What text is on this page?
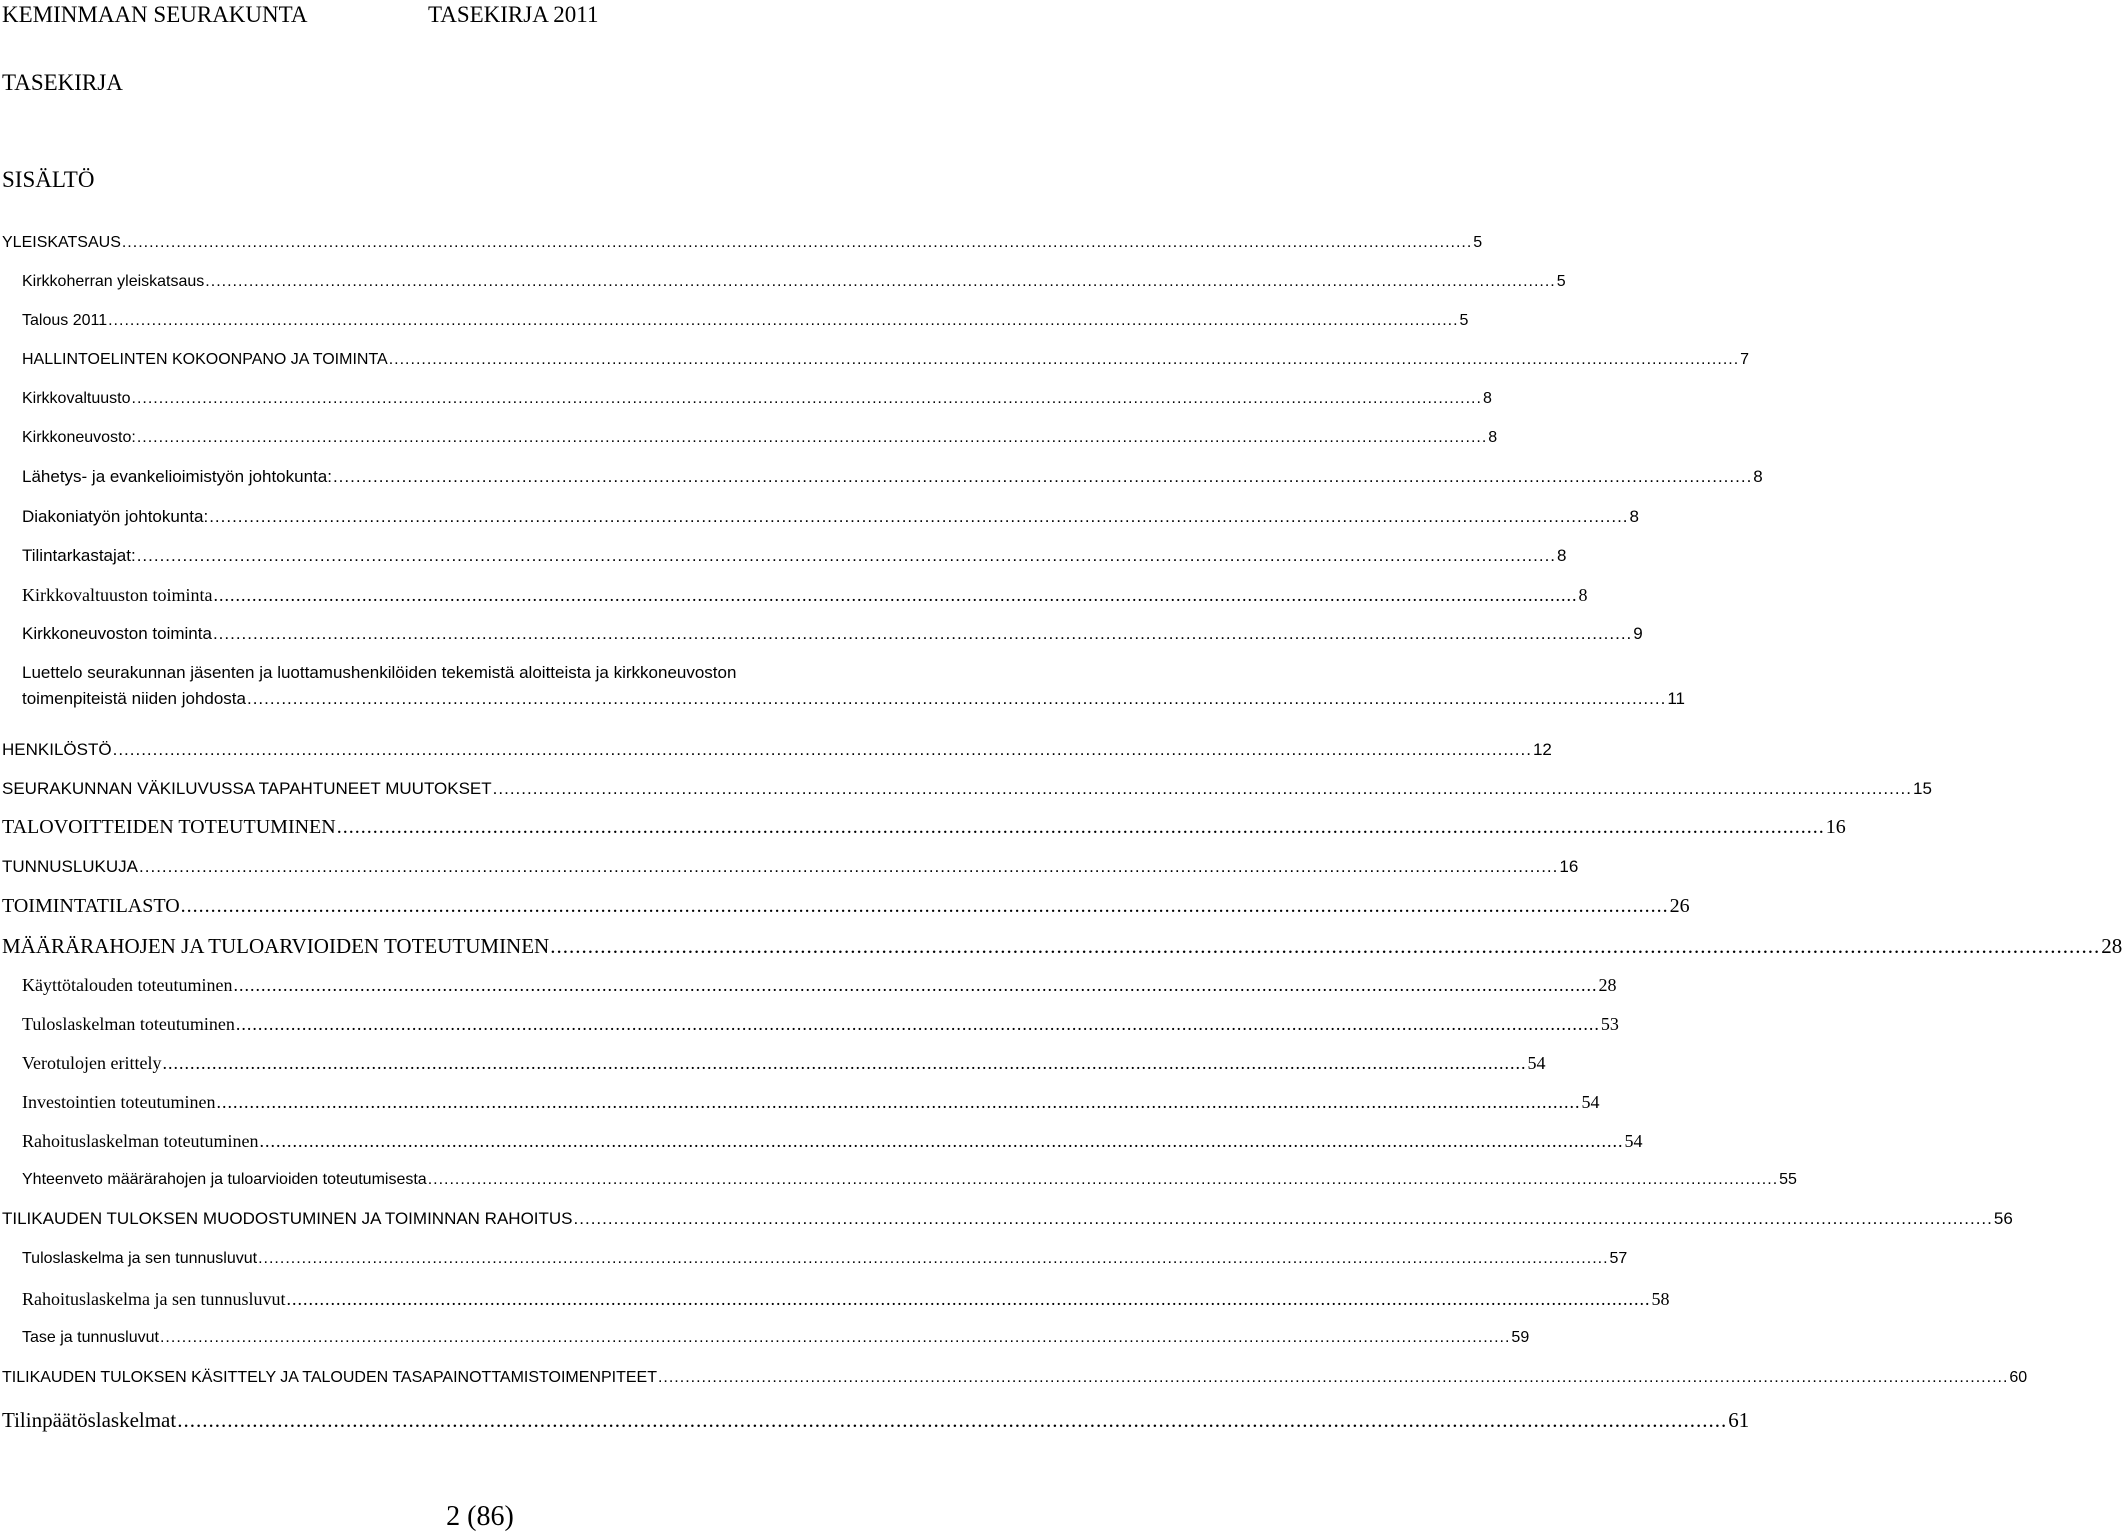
KEMINMAAN SEURAKUNTA	TASEKIRJA 2011
TASEKIRJA
SISÄLTÖ
YLEISKATSAUS ........................................................................................................................................................................................................................................................ 5
Kirkkoherran yleiskatsaus ........................................................................................................................................................................................................................................................ 5
Talous 2011 ........................................................................................................................................................................................................................................................ 5
HALLINTOELINTEN KOKOONPANO JA TOIMINTA ........................................................................................................................................................................................................................................................ 7
Kirkkovaltuusto ........................................................................................................................................................................................................................................................ 8
Kirkkoneuvosto: ........................................................................................................................................................................................................................................................ 8
Lähetys- ja evankelioimistyön johtokunta: ........................................................................................................................................................................................................................................................ 8
Diakoniatyön johtokunta: ........................................................................................................................................................................................................................................................ 8
Tilintarkastajat: ........................................................................................................................................................................................................................................................ 8
Kirkkovaltuuston toiminta ........................................................................................................................................................................................................................................................ 8
Kirkkoneuvoston toiminta ........................................................................................................................................................................................................................................................ 9
Luettelo seurakunnan jäsenten ja luottamushenkilöiden tekemistä aloitteista ja kirkkoneuvoston
toimenpiteistä niiden johdosta ........................................................................................................................................................................................................................................................ 11
HENKILÖSTÖ ........................................................................................................................................................................................................................................................ 12
SEURAKUNNAN VÄKILUVUSSA TAPAHTUNEET MUUTOKSET ........................................................................................................................................................................................................................................................ 15
TALOVOITTEIDEN TOTEUTUMINEN ........................................................................................................................................................................................................................................................ 16
TUNNUSLUKUJA ........................................................................................................................................................................................................................................................ 16
TOIMINTATILASTO ........................................................................................................................................................................................................................................................ 26
MÄÄRÄRAHOJEN JA TULOARVIOIDEN TOTEUTUMINEN ........................................................................................................................................................................................................................................................ 28
Käyttötalouden toteutuminen ........................................................................................................................................................................................................................................................ 28
Tuloslaskelman toteutuminen ........................................................................................................................................................................................................................................................ 53
Verotulojen erittely ........................................................................................................................................................................................................................................................ 54
Investointien toteutuminen ........................................................................................................................................................................................................................................................ 54
Rahoituslaskelman toteutuminen ........................................................................................................................................................................................................................................................ 54
Yhteenveto määrärahojen ja tuloarvioiden toteutumisesta ........................................................................................................................................................................................................................................................ 55
TILIKAUDEN TULOKSEN MUODOSTUMINEN JA TOIMINNAN RAHOITUS ........................................................................................................................................................................................................................................................ 56
Tuloslaskelma ja sen tunnusluvut ........................................................................................................................................................................................................................................................ 57
Rahoituslaskelma ja sen tunnusluvut ........................................................................................................................................................................................................................................................ 58
Tase ja tunnusluvut ........................................................................................................................................................................................................................................................ 59
TILIKAUDEN TULOKSEN KÄSITTELY JA TALOUDEN TASAPAINOTTAMISTOIMENPITEET ........................................................................................................................................................................................................................................................ 60
Tilinpäätöslaskelmat ........................................................................................................................................................................................................................................................ 61
2 (86)
